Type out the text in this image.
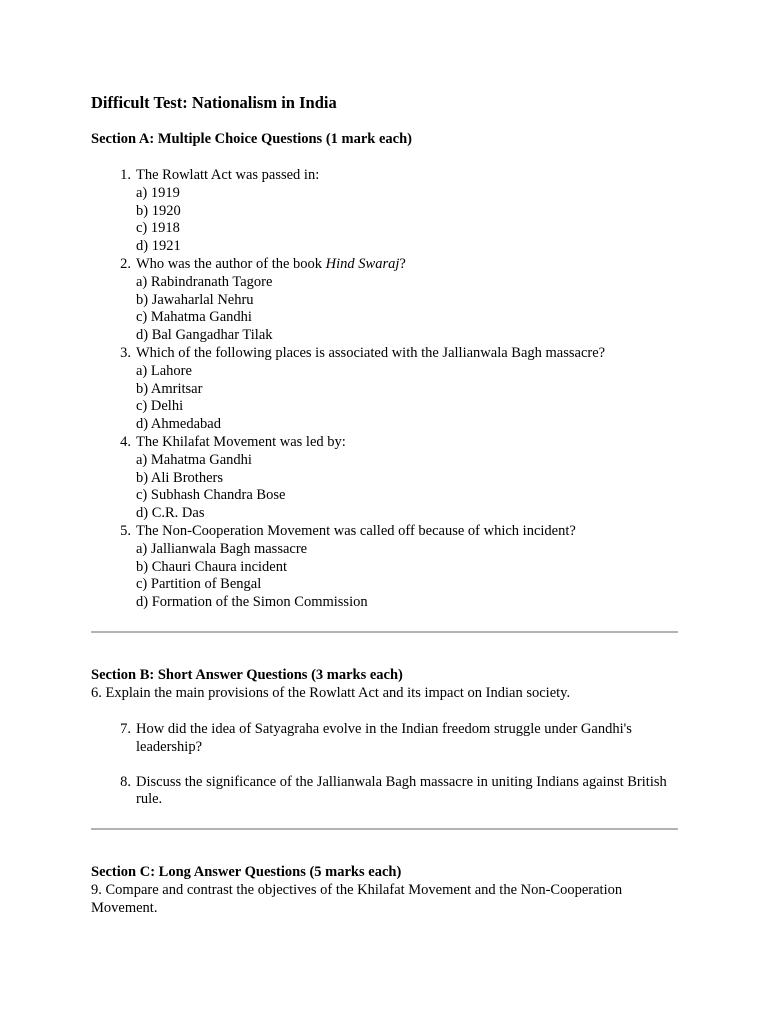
Difficult Test: Nationalism in India

Section A: Multiple Choice Questions (1 mark each)

1. The Rowlatt Act was passed in:
a) 1919
b) 1920
c) 1918
d) 1921
2. Who was the author of the book Hind Swaraj?
a) Rabindranath Tagore
b) Jawaharlal Nehru
c) Mahatma Gandhi
d) Bal Gangadhar Tilak
3. Which of the following places is associated with the Jallianwala Bagh massacre?
a) Lahore
b) Amritsar
c) Delhi
d) Ahmedabad
4. The Khilafat Movement was led by:
a) Mahatma Gandhi
b) Ali Brothers
c) Subhash Chandra Bose
d) C.R. Das
5. The Non-Cooperation Movement was called off because of which incident?
a) Jallianwala Bagh massacre
b) Chauri Chaura incident
c) Partition of Bengal
d) Formation of the Simon Commission

Section B: Short Answer Questions (3 marks each)

6. Explain the main provisions of the Rowlatt Act and its impact on Indian society.

7. How did the idea of Satyagraha evolve in the Indian freedom struggle under Gandhi's leadership?
8. Discuss the significance of the Jallianwala Bagh massacre in uniting Indians against British rule.

Section C: Long Answer Questions (5 marks each)

9. Compare and contrast the objectives of the Khilafat Movement and the Non-Cooperation Movement.
